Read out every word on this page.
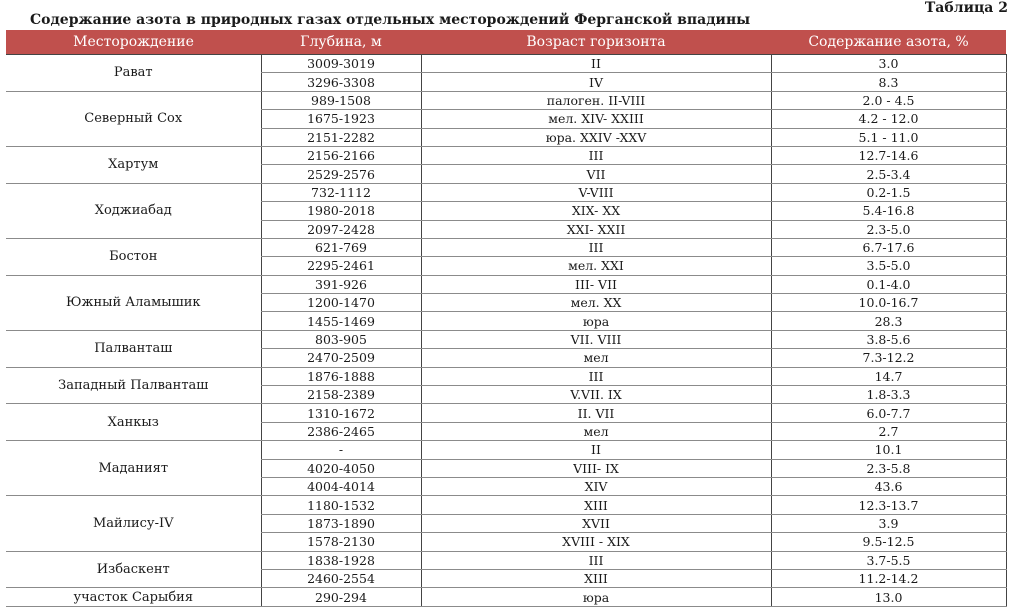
Таблица 2
Содержание азота в природных газах отдельных месторождений Ферганской впадины
Месторождение	Глубина, м	Возраст горизонта	Содержание азота, %
Рават	3009-3019	II	3.0
	3296-3308	IV	8.3
Северный Сох	989-1508	палоген. II-VIII	2.0 - 4.5
	1675-1923	мел. XIV- XXIII	4.2 - 12.0
	2151-2282	юра. XXIV -XXV	5.1 - 11.0
Хартум	2156-2166	III	12.7-14.6
	2529-2576	VII	2.5-3.4
Ходжиабад	732-1112	V-VIII	0.2-1.5
	1980-2018	XIX- XX	5.4-16.8
	2097-2428	XXI- XXII	2.3-5.0
Бостон	621-769	III	6.7-17.6
	2295-2461	мел. XXI	3.5-5.0
Южный Аламышик	391-926	III- VII	0.1-4.0
	1200-1470	мел. XX	10.0-16.7
	1455-1469	юра	28.3
Палванташ	803-905	VII. VIII	3.8-5.6
	2470-2509	мел	7.3-12.2
Западный Палванташ	1876-1888	III	14.7
	2158-2389	V.VII. IX	1.8-3.3
Ханкыз	1310-1672	II. VII	6.0-7.7
	2386-2465	мел	2.7
Маданият	-	II	10.1
	4020-4050	VIII- IX	2.3-5.8
	4004-4014	XIV	43.6
Майлису-IV	1180-1532	XIII	12.3-13.7
	1873-1890	XVII	3.9
	1578-2130	XVIII - XIX	9.5-12.5
Избаскент	1838-1928	III	3.7-5.5
	2460-2554	XIII	11.2-14.2
участок Сарыбия	290-294	юра	13.0
